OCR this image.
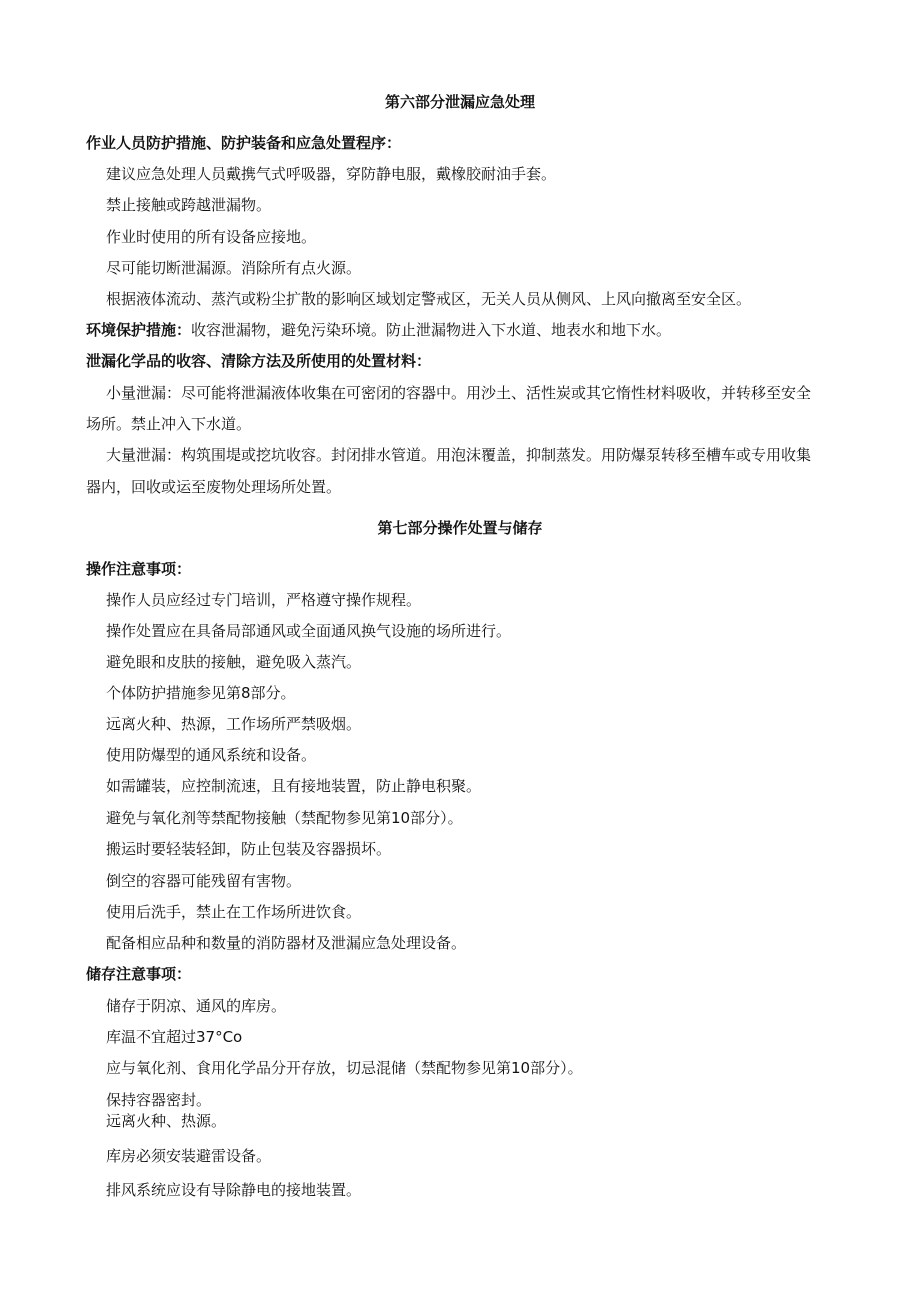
第六部分泄漏应急处理

作业人员防护措施、防护装备和应急处置程序：

建议应急处理人员戴携气式呼吸器，穿防静电服，戴橡胶耐油手套。

禁止接触或跨越泄漏物。

作业时使用的所有设备应接地。

尽可能切断泄漏源。消除所有点火源。

根据液体流动、蒸汽或粉尘扩散的影响区域划定警戒区，无关人员从侧风、上风向撤离至安全区。

环境保护措施：收容泄漏物，避免污染环境。防止泄漏物进入下水道、地表水和地下水。

泄漏化学品的收容、清除方法及所使用的处置材料：

小量泄漏：尽可能将泄漏液体收集在可密闭的容器中。用沙土、活性炭或其它惰性材料吸收，并转移至安全

场所。禁止冲入下水道。

大量泄漏：构筑围堤或挖坑收容。封闭排水管道。用泡沫覆盖，抑制蒸发。用防爆泵转移至槽车或专用收集

器内，回收或运至废物处理场所处置。

第七部分操作处置与储存

操作注意事项：

操作人员应经过专门培训，严格遵守操作规程。

操作处置应在具备局部通风或全面通风换气设施的场所进行。

避免眼和皮肤的接触，避免吸入蒸汽。

个体防护措施参见第8部分。

远离火种、热源，工作场所严禁吸烟。

使用防爆型的通风系统和设备。

如需罐装，应控制流速，且有接地装置，防止静电积聚。

避免与氧化剂等禁配物接触（禁配物参见第10部分）。

搬运时要轻装轻卸，防止包装及容器损坏。

倒空的容器可能残留有害物。

使用后洗手，禁止在工作场所进饮食。

配备相应品种和数量的消防器材及泄漏应急处理设备。

储存注意事项：

储存于阴凉、通风的库房。

库温不宜超过37°Co

应与氧化剂、食用化学品分开存放，切忌混储（禁配物参见第10部分）。

保持容器密封。

远离火种、热源。

库房必须安装避雷设备。

排风系统应设有导除静电的接地装置。
